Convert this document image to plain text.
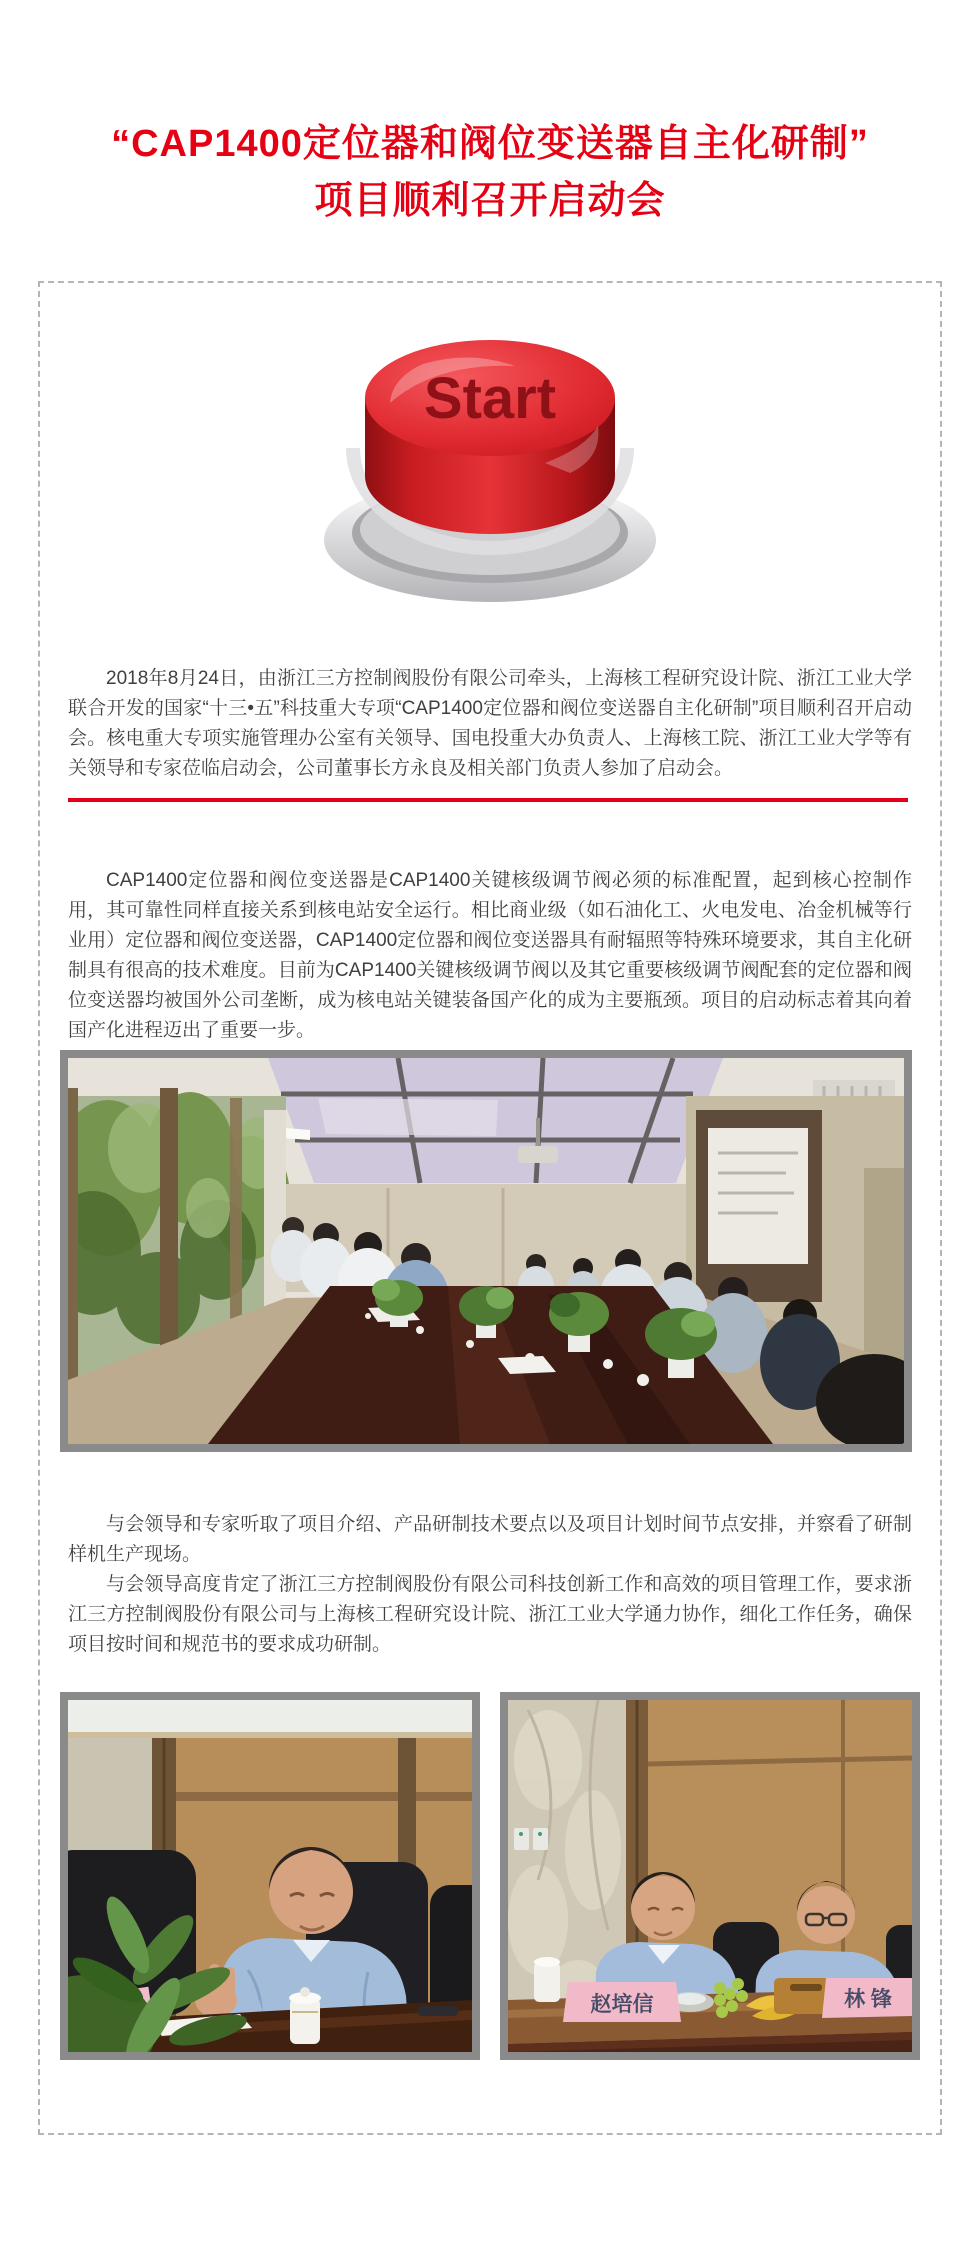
“CAP1400定位器和阀位变送器自主化研制”
项目顺利召开启动会
Start

2018年8月24日，由浙江三方控制阀股份有限公司牵头，上海核工程研究设计院、浙江工业大学联合开发的国家“十三•五”科技重大专项“CAP1400定位器和阀位变送器自主化研制”项目顺利召开启动会。核电重大专项实施管理办公室有关领导、国电投重大办负责人、上海核工院、浙江工业大学等有关领导和专家莅临启动会，公司董事长方永良及相关部门负责人参加了启动会。

CAP1400定位器和阀位变送器是CAP1400关键核级调节阀必须的标准配置，起到核心控制作用，其可靠性同样直接关系到核电站安全运行。相比商业级（如石油化工、火电发电、冶金机械等行业用）定位器和阀位变送器，CAP1400定位器和阀位变送器具有耐辐照等特殊环境要求，其自主化研制具有很高的技术难度。目前为CAP1400关键核级调节阀以及其它重要核级调节阀配套的定位器和阀位变送器均被国外公司垄断，成为核电站关键装备国产化的成为主要瓶颈。项目的启动标志着其向着国产化进程迈出了重要一步。

与会领导和专家听取了项目介绍、产品研制技术要点以及项目计划时间节点安排，并察看了研制样机生产现场。

与会领导高度肯定了浙江三方控制阀股份有限公司科技创新工作和高效的项目管理工作，要求浙江三方控制阀股份有限公司与上海核工程研究设计院、浙江工业大学通力协作，细化工作任务，确保项目按时间和规范书的要求成功研制。

赵培信	林 锋
